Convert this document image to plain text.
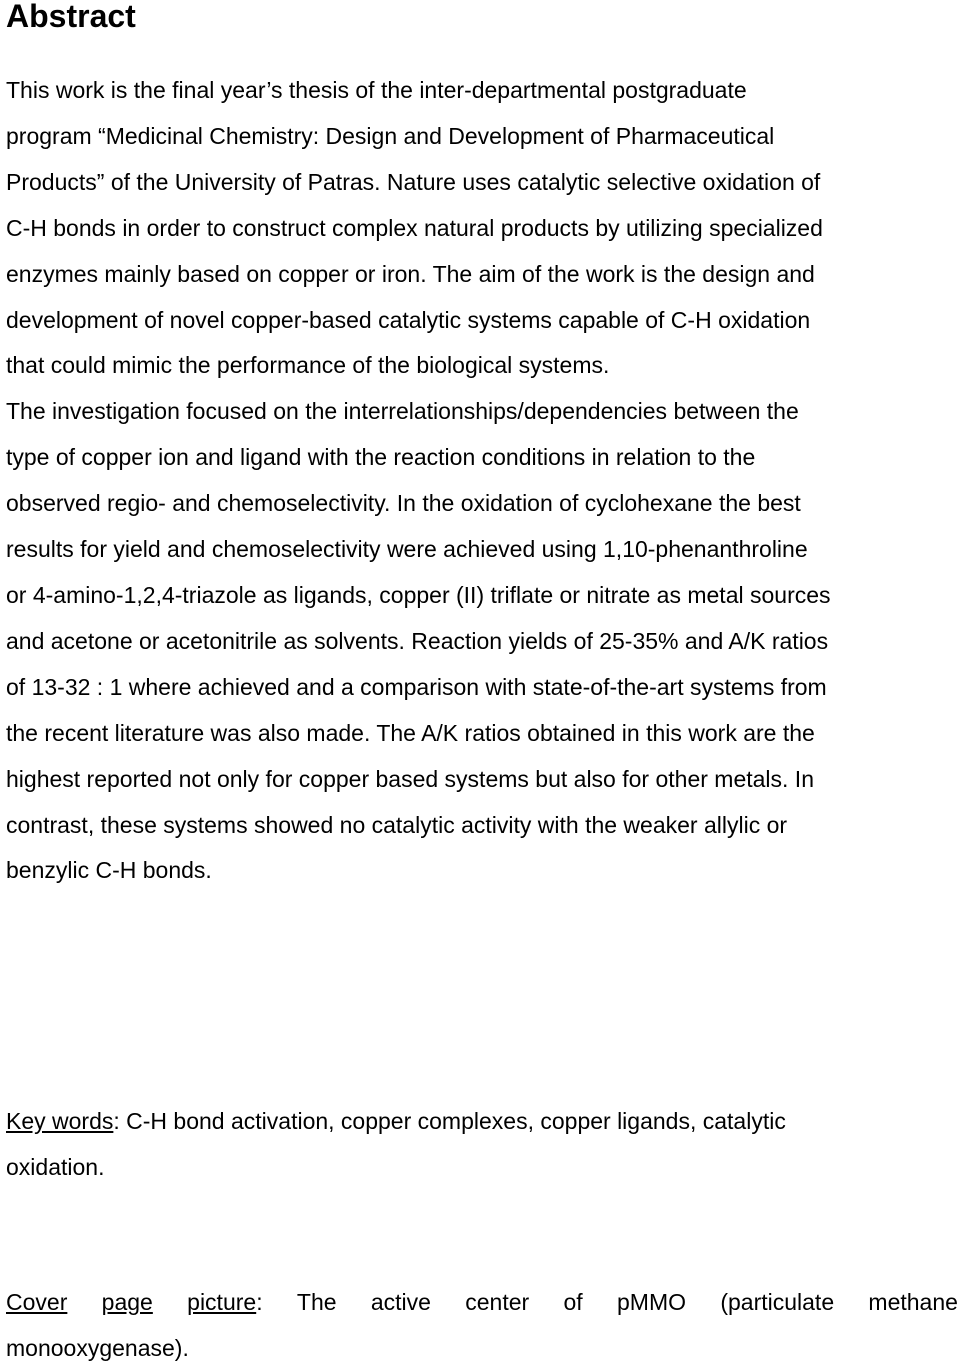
Abstract

This work is the final year’s thesis of the inter-departmental postgraduate
program “Medicinal Chemistry: Design and Development of Pharmaceutical
Products” of the University of Patras. Nature uses catalytic selective oxidation of
C-H bonds in order to construct complex natural products by utilizing specialized
enzymes mainly based on copper or iron. The aim of the work is the design and
development of novel copper-based catalytic systems capable of C-H oxidation
that could mimic the performance of the biological systems.
The investigation focused on the interrelationships/dependencies between the
type of copper ion and ligand with the reaction conditions in relation to the
observed regio- and chemoselectivity. In the oxidation of cyclohexane the best
results for yield and chemoselectivity were achieved using 1,10-phenanthroline
or 4-amino-1,2,4-triazole as ligands, copper (II) triflate or nitrate as metal sources
and acetone or acetonitrile as solvents. Reaction yields of 25-35% and A/K ratios
of 13-32 : 1 where achieved and a comparison with state-of-the-art systems from
the recent literature was also made. The A/K ratios obtained in this work are the
highest reported not only for copper based systems but also for other metals. In
contrast, these systems showed no catalytic activity with the weaker allylic or
benzylic C-H bonds.

Key words: C-H bond activation, copper complexes, copper ligands, catalytic
oxidation.

Cover page picture: The active center of pMMO (particulate methane
monooxygenase).
